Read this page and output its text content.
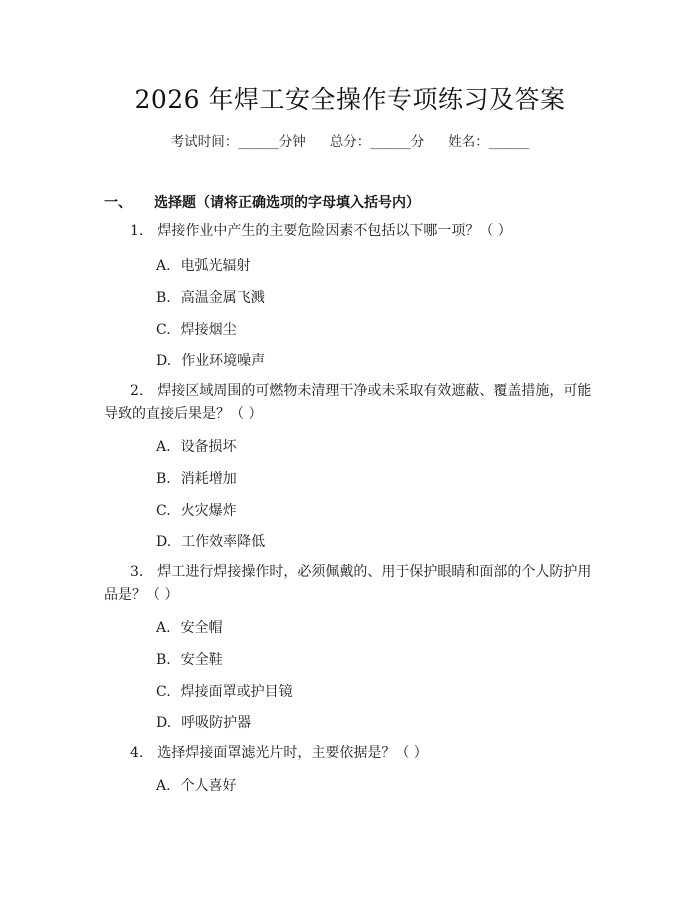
2026 年焊工安全操作专项练习及答案
考试时间：______分钟 总分：______分 姓名：______
一、 选择题（请将正确选项的字母填入括号内）
1. 焊接作业中产生的主要危险因素不包括以下哪一项？（ ）
A. 电弧光辐射
B. 高温金属飞溅
C. 焊接烟尘
D. 作业环境噪声
2. 焊接区域周围的可燃物未清理干净或未采取有效遮蔽、覆盖措施，可能导致的直接后果是？（ ）
A. 设备损坏
B. 消耗增加
C. 火灾爆炸
D. 工作效率降低
3. 焊工进行焊接操作时，必须佩戴的、用于保护眼睛和面部的个人防护用品是？（ ）
A. 安全帽
B. 安全鞋
C. 焊接面罩或护目镜
D. 呼吸防护器
4. 选择焊接面罩滤光片时，主要依据是？（ ）
A. 个人喜好
